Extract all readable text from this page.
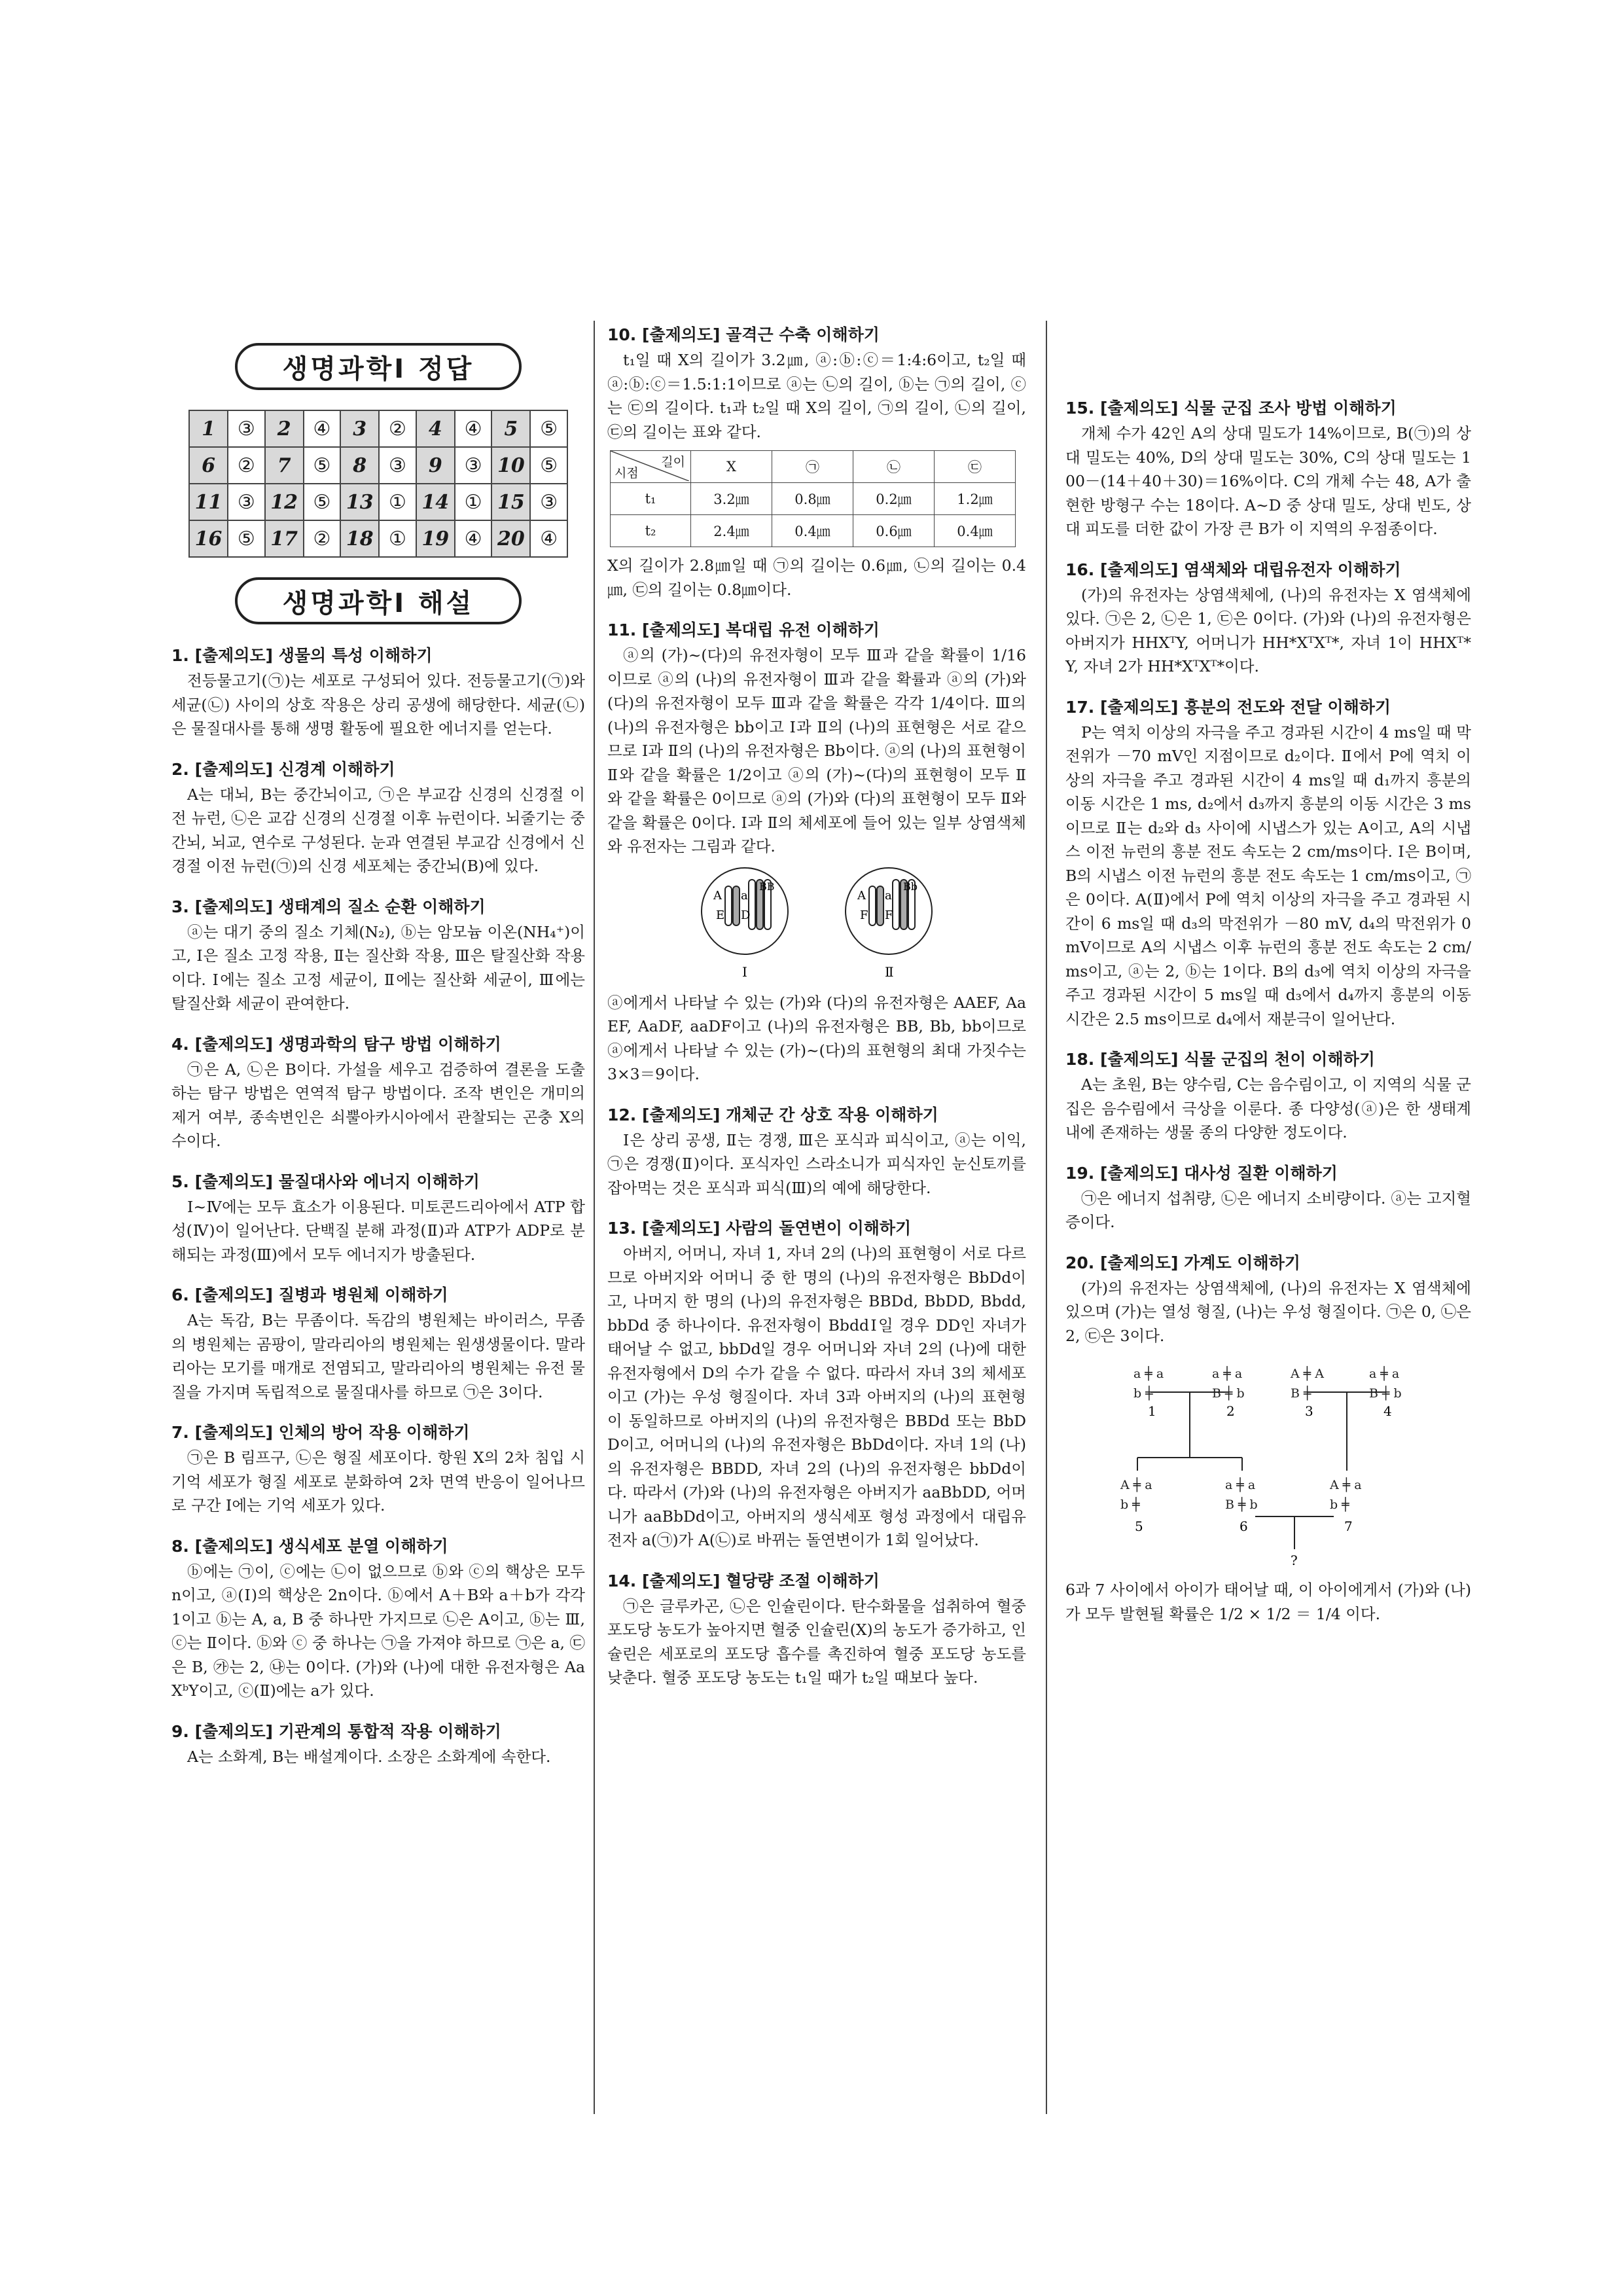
생명과학Ⅰ 정답
1	③	2	④	3	②	4	④	5	⑤
6	②	7	⑤	8	③	9	③	10	⑤
11	③	12	⑤	13	①	14	①	15	③
16	⑤	17	②	18	①	19	④	20	④
생명과학Ⅰ 해설
1. [출제의도] 생물의 특성 이해하기

전등물고기(㉠)는 세포로 구성되어 있다. 전등물고기(㉠)와 세균(㉡) 사이의 상호 작용은 상리 공생에 해당한다. 세균(㉡)은 물질대사를 통해 생명 활동에 필요한 에너지를 얻는다.

2. [출제의도] 신경계 이해하기

A는 대뇌, B는 중간뇌이고, ㉠은 부교감 신경의 신경절 이전 뉴런, ㉡은 교감 신경의 신경절 이후 뉴런이다. 뇌줄기는 중간뇌, 뇌교, 연수로 구성된다. 눈과 연결된 부교감 신경에서 신경절 이전 뉴런(㉠)의 신경 세포체는 중간뇌(B)에 있다.

3. [출제의도] 생태계의 질소 순환 이해하기

ⓐ는 대기 중의 질소 기체(N₂), ⓑ는 암모늄 이온(NH₄⁺)이고, Ⅰ은 질소 고정 작용, Ⅱ는 질산화 작용, Ⅲ은 탈질산화 작용이다. Ⅰ에는 질소 고정 세균이, Ⅱ에는 질산화 세균이, Ⅲ에는 탈질산화 세균이 관여한다.

4. [출제의도] 생명과학의 탐구 방법 이해하기

㉠은 A, ㉡은 B이다. 가설을 세우고 검증하여 결론을 도출하는 탐구 방법은 연역적 탐구 방법이다. 조작 변인은 개미의 제거 여부, 종속변인은 쇠뿔아카시아에서 관찰되는 곤충 X의 수이다.

5. [출제의도] 물질대사와 에너지 이해하기

Ⅰ~Ⅳ에는 모두 효소가 이용된다. 미토콘드리아에서 ATP 합성(Ⅳ)이 일어난다. 단백질 분해 과정(Ⅱ)과 ATP가 ADP로 분해되는 과정(Ⅲ)에서 모두 에너지가 방출된다.

6. [출제의도] 질병과 병원체 이해하기

A는 독감, B는 무좀이다. 독감의 병원체는 바이러스, 무좀의 병원체는 곰팡이, 말라리아의 병원체는 원생생물이다. 말라리아는 모기를 매개로 전염되고, 말라리아의 병원체는 유전 물질을 가지며 독립적으로 물질대사를 하므로 ㉠은 3이다.

7. [출제의도] 인체의 방어 작용 이해하기

㉠은 B 림프구, ㉡은 형질 세포이다. 항원 X의 2차 침입 시 기억 세포가 형질 세포로 분화하여 2차 면역 반응이 일어나므로 구간 Ⅰ에는 기억 세포가 있다.

8. [출제의도] 생식세포 분열 이해하기

ⓑ에는 ㉠이, ⓒ에는 ㉡이 없으므로 ⓑ와 ⓒ의 핵상은 모두 n이고, ⓐ(Ⅰ)의 핵상은 2n이다. ⓑ에서 A＋B와 a＋b가 각각 1이고 ⓑ는 A, a, B 중 하나만 가지므로 ㉡은 A이고, ⓑ는 Ⅲ, ⓒ는 Ⅱ이다. ⓑ와 ⓒ 중 하나는 ㉠을 가져야 하므로 ㉠은 a, ㉢은 B, ㉮는 2, ㉯는 0이다. (가)와 (나)에 대한 유전자형은 AaXᵇY이고, ⓒ(Ⅱ)에는 a가 있다.

9. [출제의도] 기관계의 통합적 작용 이해하기

A는 소화계, B는 배설계이다. 소장은 소화계에 속한다.

10. [출제의도] 골격근 수축 이해하기

t₁일 때 X의 길이가 3.2㎛, ⓐ:ⓑ:ⓒ＝1:4:6이고, t₂일 때 ⓐ:ⓑ:ⓒ＝1.5:1:1이므로 ⓐ는 ㉡의 길이, ⓑ는 ㉠의 길이, ⓒ는 ㉢의 길이다. t₁과 t₂일 때 X의 길이, ㉠의 길이, ㉡의 길이, ㉢의 길이는 표와 같다.

길이
시점	X	㉠	㉡	㉢
t₁	3.2㎛	0.8㎛	0.2㎛	1.2㎛
t₂	2.4㎛	0.4㎛	0.6㎛	0.4㎛

X의 길이가 2.8㎛일 때 ㉠의 길이는 0.6㎛, ㉡의 길이는 0.4㎛, ㉢의 길이는 0.8㎛이다.

11. [출제의도] 복대립 유전 이해하기

ⓐ의 (가)~(다)의 유전자형이 모두 Ⅲ과 같을 확률이 1/16이므로 ⓐ의 (나)의 유전자형이 Ⅲ과 같을 확률과 ⓐ의 (가)와 (다)의 유전자형이 모두 Ⅲ과 같을 확률은 각각 1/4이다. Ⅲ의 (나)의 유전자형은 bb이고 Ⅰ과 Ⅱ의 (나)의 표현형은 서로 같으므로 Ⅰ과 Ⅱ의 (나)의 유전자형은 Bb이다. ⓐ의 (나)의 표현형이 Ⅱ와 같을 확률은 1/2이고 ⓐ의 (가)~(다)의 표현형이 모두 Ⅱ와 같을 확률은 0이므로 ⓐ의 (가)와 (다)의 표현형이 모두 Ⅱ와 같을 확률은 0이다. Ⅰ과 Ⅱ의 체세포에 들어 있는 일부 상염색체와 유전자는 그림과 같다.

A a
E D
BB
Ⅰ
A a
F F
Bb
Ⅱ

ⓐ에게서 나타날 수 있는 (가)와 (다)의 유전자형은 AAEF, AaEF, AaDF, aaDF이고 (나)의 유전자형은 BB, Bb, bb이므로 ⓐ에게서 나타날 수 있는 (가)~(다)의 표현형의 최대 가짓수는 3×3＝9이다.

12. [출제의도] 개체군 간 상호 작용 이해하기

Ⅰ은 상리 공생, Ⅱ는 경쟁, Ⅲ은 포식과 피식이고, ⓐ는 이익, ㉠은 경쟁(Ⅱ)이다. 포식자인 스라소니가 피식자인 눈신토끼를 잡아먹는 것은 포식과 피식(Ⅲ)의 예에 해당한다.

13. [출제의도] 사람의 돌연변이 이해하기

아버지, 어머니, 자녀 1, 자녀 2의 (나)의 표현형이 서로 다르므로 아버지와 어머니 중 한 명의 (나)의 유전자형은 BbDd이고, 나머지 한 명의 (나)의 유전자형은 BBDd, BbDD, Bbdd, bbDd 중 하나이다. 유전자형이 BbddⅠ일 경우 DD인 자녀가 태어날 수 없고, bbDd일 경우 어머니와 자녀 2의 (나)에 대한 유전자형에서 D의 수가 같을 수 없다. 따라서 자녀 3의 체세포이고 (가)는 우성 형질이다. 자녀 3과 아버지의 (나)의 표현형이 동일하므로 아버지의 (나)의 유전자형은 BBDd 또는 BbDD이고, 어머니의 (나)의 유전자형은 BbDd이다. 자녀 1의 (나)의 유전자형은 BBDD, 자녀 2의 (나)의 유전자형은 bbDd이다. 따라서 (가)와 (나)의 유전자형은 아버지가 aaBbDD, 어머니가 aaBbDd이고, 아버지의 생식세포 형성 과정에서 대립유전자 a(㉠)가 A(㉡)로 바뀌는 돌연변이가 1회 일어났다.

14. [출제의도] 혈당량 조절 이해하기

㉠은 글루카곤, ㉡은 인슐린이다. 탄수화물을 섭취하여 혈중 포도당 농도가 높아지면 혈중 인슐린(X)의 농도가 증가하고, 인슐린은 세포로의 포도당 흡수를 촉진하여 혈중 포도당 농도를 낮춘다. 혈중 포도당 농도는 t₁일 때가 t₂일 때보다 높다.

15. [출제의도] 식물 군집 조사 방법 이해하기

개체 수가 42인 A의 상대 밀도가 14%이므로, B(㉠)의 상대 밀도는 40%, D의 상대 밀도는 30%, C의 상대 밀도는 100－(14＋40＋30)＝16%이다. C의 개체 수는 48, A가 출현한 방형구 수는 18이다. A~D 중 상대 밀도, 상대 빈도, 상대 피도를 더한 값이 가장 큰 B가 이 지역의 우점종이다.

16. [출제의도] 염색체와 대립유전자 이해하기

(가)의 유전자는 상염색체에, (나)의 유전자는 X 염색체에 있다. ㉠은 2, ㉡은 1, ㉢은 0이다. (가)와 (나)의 유전자형은 아버지가 HHXᵀY, 어머니가 HH*XᵀXᵀ*, 자녀 1이 HHXᵀ*Y, 자녀 2가 HH*XᵀXᵀ*이다.

17. [출제의도] 흥분의 전도와 전달 이해하기

P는 역치 이상의 자극을 주고 경과된 시간이 4 ms일 때 막전위가 －70 mV인 지점이므로 d₂이다. Ⅱ에서 P에 역치 이상의 자극을 주고 경과된 시간이 4 ms일 때 d₁까지 흥분의 이동 시간은 1 ms, d₂에서 d₃까지 흥분의 이동 시간은 3 ms이므로 Ⅱ는 d₂와 d₃ 사이에 시냅스가 있는 A이고, A의 시냅스 이전 뉴런의 흥분 전도 속도는 2 cm/ms이다. Ⅰ은 B이며, B의 시냅스 이전 뉴런의 흥분 전도 속도는 1 cm/ms이고, ㉠은 0이다. A(Ⅱ)에서 P에 역치 이상의 자극을 주고 경과된 시간이 6 ms일 때 d₃의 막전위가 －80 mV, d₄의 막전위가 0 mV이므로 A의 시냅스 이후 뉴런의 흥분 전도 속도는 2 cm/ms이고, ⓐ는 2, ⓑ는 1이다. B의 d₃에 역치 이상의 자극을 주고 경과된 시간이 5 ms일 때 d₃에서 d₄까지 흥분의 이동 시간은 2.5 ms이므로 d₄에서 재분극이 일어난다.

18. [출제의도] 식물 군집의 천이 이해하기

A는 초원, B는 양수림, C는 음수림이고, 이 지역의 식물 군집은 음수림에서 극상을 이룬다. 종 다양성(ⓐ)은 한 생태계 내에 존재하는 생물 종의 다양한 정도이다.

19. [출제의도] 대사성 질환 이해하기

㉠은 에너지 섭취량, ㉡은 에너지 소비량이다. ⓐ는 고지혈증이다.

20. [출제의도] 가계도 이해하기

(가)의 유전자는 상염색체에, (나)의 유전자는 X 염색체에 있으며 (가)는 열성 형질, (나)는 우성 형질이다. ㉠은 0, ㉡은 2, ㉢은 3이다.

a ╪ a
b ╪
a ╪ a
B ╪ b
A ╪ A
B ╪
a ╪ a
B ╪ b
A ╪ a
b ╪
a ╪ a
B ╪ b
A ╪ a
b ╪
1	2	3	4
5	6	7
?

6과 7 사이에서 아이가 태어날 때, 이 아이에게서 (가)와 (나)가 모두 발현될 확률은 1/2 × 1/2 ＝ 1/4 이다.
